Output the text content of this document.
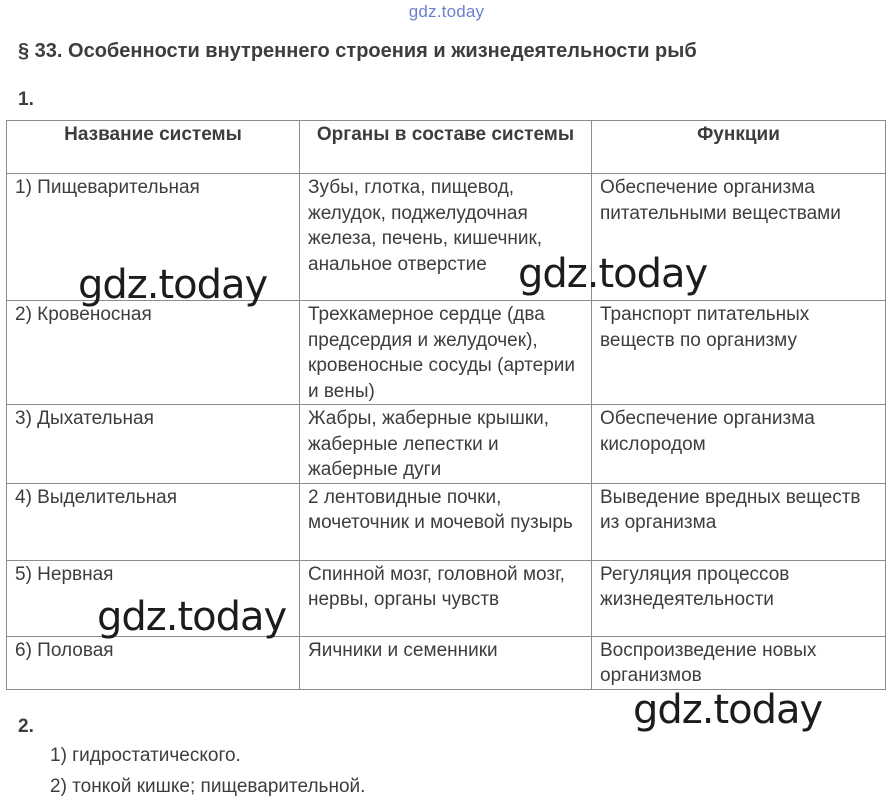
gdz.today
§ 33. Особенности внутреннего строения и жизнедеятельности рыб
1.
Название системы	Органы в составе системы	Функции
1) Пищеварительная	Зубы, глотка, пищевод, желудок, поджелудочная железа, печень, кишечник, анальное отверстие	Обеспечение организма питательными веществами
2) Кровеносная	Трехкамерное сердце (два предсердия и желудочек), кровеносные сосуды (артерии и вены)	Транспорт питательных веществ по организму
3) Дыхательная	Жабры, жаберные крышки, жаберные лепестки и жаберные дуги	Обеспечение организма кислородом
4) Выделительная	2 лентовидные почки, мочеточник и мочевой пузырь	Выведение вредных веществ из организма
5) Нервная	Спинной мозг, головной мозг, нервы, органы чувств	Регуляция процессов жизнедеятельности
6) Половая	Яичники и семенники	Воспроизведение новых организмов
gdz.today	gdz.today
gdz.today
gdz.today
2.
1) гидростатического.
2) тонкой кишке; пищеварительной.
